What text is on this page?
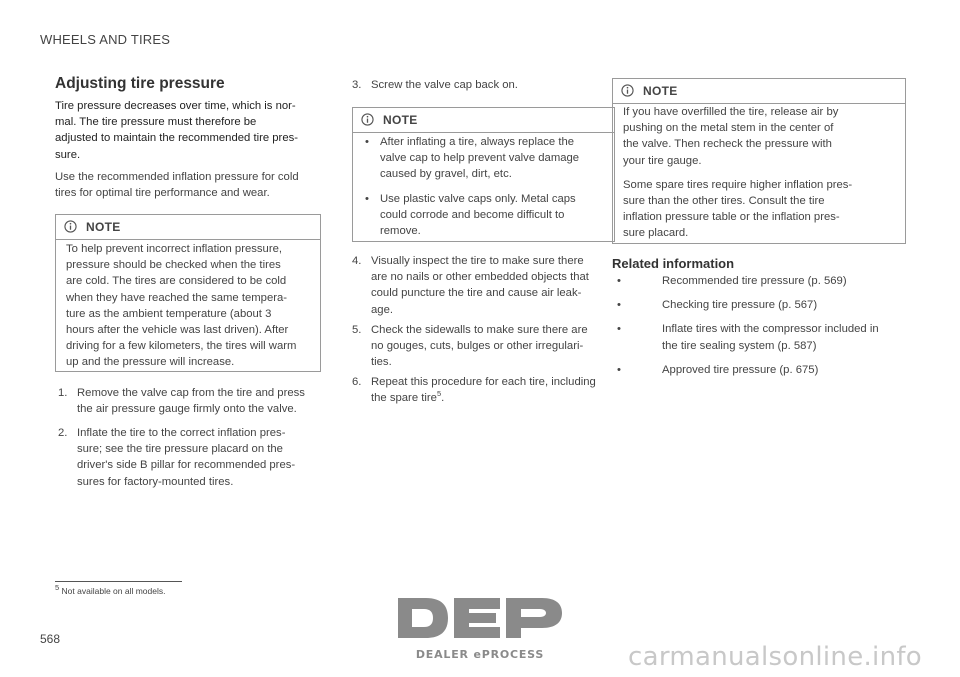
WHEELS AND TIRES
Adjusting tire pressure
Tire pressure decreases over time, which is nor-
mal. The tire pressure must therefore be
adjusted to maintain the recommended tire pres-
sure.
Use the recommended inflation pressure for cold
tires for optimal tire performance and wear.
NOTE
To help prevent incorrect inflation pressure,
pressure should be checked when the tires
are cold. The tires are considered to be cold
when they have reached the same tempera-
ture as the ambient temperature (about 3
hours after the vehicle was last driven). After
driving for a few kilometers, the tires will warm
up and the pressure will increase.
1. Remove the valve cap from the tire and press
the air pressure gauge firmly onto the valve.
2. Inflate the tire to the correct inflation pres-
sure; see the tire pressure placard on the
driver's side B pillar for recommended pres-
sures for factory-mounted tires.
$^5$ Not available on all models.
568
3. Screw the valve cap back on.
NOTE
• After inflating a tire, always replace the
valve cap to help prevent valve damage
caused by gravel, dirt, etc.
• Use plastic valve caps only. Metal caps
could corrode and become difficult to
remove.
4. Visually inspect the tire to make sure there
are no nails or other embedded objects that
could puncture the tire and cause air leak-
age.
5. Check the sidewalls to make sure there are
no gouges, cuts, bulges or other irregulari-
ties.
6. Repeat this procedure for each tire, including
the spare tire$^5$.
NOTE
If you have overfilled the tire, release air by
pushing on the metal stem in the center of
the valve. Then recheck the pressure with
your tire gauge.
Some spare tires require higher inflation pres-
sure than the other tires. Consult the tire
inflation pressure table or the inflation pres-
sure placard.
Related information
•	Recommended tire pressure (p. 569)
•	Checking tire pressure (p. 567)
•	Inflate tires with the compressor included in
the tire sealing system (p. 587)
•	Approved tire pressure (p. 675)
DEALER ePROCESS	carmanualsonline.info
